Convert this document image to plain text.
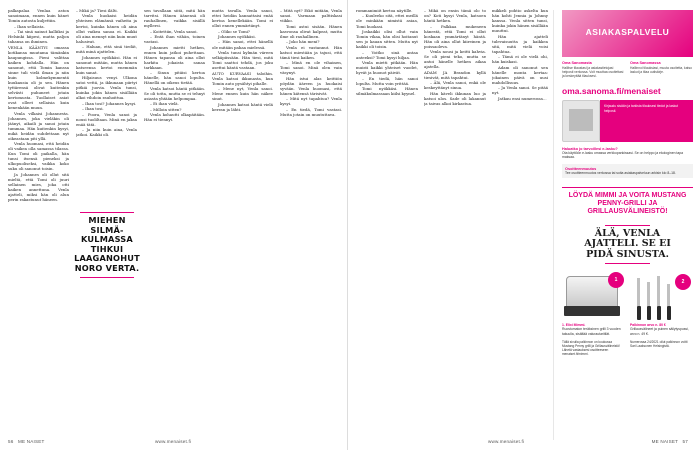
palkapalaa Venlaa aston sanoimaan, ennen kuin hänet Tomin autosta kuljettiin.

– Ihan sellaista.

– Tai sinä nainut kalliiksi ja Helsinki kiipesi, mutta paljon tahansa on ihminen.

VENLA KÄÄNTYI omassa kotikansa muutama tämänkin kaupungissa. Pieni valittaa kaiken kohdalla. Hän on sanonut, että Tomin kanssa sinne tuli vielä ilman ja niin kuin kolmekymmentä kuukausia oli jo sen. Hänen tyttärensä olivat kuitenkin selvästi puhuneet jotain kertomusta. Tuollaiset asiat ovat olleet sellaisia kuin kenenkään muun.

Venla vilkaisi Johannesta. Johannes, joka vieläkin oli jäänyt, aikaili ja sanoi jotain tummaa. Hän kuitenkin kysyi, mikä heidän suhdettaan nyt oikeastaan piti yllä.

Venla huomasi, että heidän oli vaikea olla samassa tilassa. Kun Tomi oli paikalla, hän tunsi itsensä pieneksi ja ulkopuoliseksi, vaikka koko suku oli sanonut toisin.

Ja Johannes oli ollut sitä mieltä, että Tomi oli juuri sellainen mies, joka otti kaiken annettuna. Venla ajatteli, miksi hän oli alun perin rakastunut häneen.

– Mikä ja? Tiesi ilälti.

Venla huokaisi heidän yhteisen elämänsä vaiheita ja kertoi, kuinka hänen oli aina ollut vaikea sanoa ei. Kaikki oli aina mennyt niin kuin muut halusivat.

– Haluan, että sinä tiedät, mitä minä ajattelen.

Johannes nyökkäsi. Hän ei sanonut mitään, mutta hänen katseensa kertoi enemmän kuin sanat.

Hiljaisuus venyi. Ulkona satoi vettä, ja ikkunaan piirtyi pitkiä juovia. Venla tunsi, kuinka jokin hänen sisällään alkoi vihdoin rauhoittua.

– Ihan tosi? Johannes kysyi.

– Ihan tosi.

– Poora, Venla sanoi ja nousi tuoliltaan. Minä en jaksa enää tätä.

– Ja niin kuin aina, Venla jatkoi. Kaikki oli.

sen tavallaan siitä, mitä hän tarvitsi. Hänen äänensä oli rauhallinen, vaikka sisällä myllersi.

– Koitettiin, Venla sanoi.

– Entä ihan vähän, toinen vastasi.

Johannes mietti hetken, ennen kuin jatkoi puhettaan. Hänen tapansa oli aina ollut harkita jokaista sanaa tarkkaan.

– Sinun pitäisi kertoa hänelle, hän sanoi lopulta. Hänellä on oikeus tietää.

Venla katsoi häntä pitkään. Se oli totta, mutta se ei tehnyt asiasta yhtään helpompaa.

– Ei ihan vielä.

– Milloin sitten?

Venla kohautti olkapäitään. Hän ei tiennyt.

mutta tavalla. Venla sanoi, ettei heidän kannattaisi enää kertoa kenellekään. Tomi ei ollut ennen ymmärtänyt.

– Oliko se Tomi?

Johannes nyökkäsi.

– Hän sanoi, ettei hänellä ole mitään pahaa mielessä.

Venla tunsi kylmän väreen selkäpiissään. Hän tiesi, mitä Tomi saattoi tehdä, jos joku asettui häntä vastaan.

AUTO KURVAASI taloihin. Venla katsoi ikkunasta, kun Tomin auto pysähtyi pihalle.

– Mene nyt, Venla sanoi. Mene ennen kuin hän näkee sinut.

Johannes katsoi häntä vielä kerran ja lähti.

– Mitä nyt? Eikö mitään, Venla sanoi. Varmaan palttiskasi viikko.

Tomi astui sisään. Hänen kasvonsa olivat kalpeat, mutta ilme oli rauhallinen.

– Joko hän meni?

Venla ei vastannut. Hän katsoi miestään ja tajusi, että tämä tiesi kaiken.

– Minä en ole vihainen, Tomi sanoi. Minä olen vain väsynyt.

Hän istui alas keittiön pöydän ääreen ja huokaisi syvään. Venla huomasi, että hänen kätensä tärisivät.

– Mitä nyt tapahtuu? Venla kysyi.

– En tiedä, Tomi vastasi. Mutta jotain on muututtava.

MIEHEN SILMÄ-
KULMASSA TIHKUI
LAAGANOHUT
NORO VERTA.
56 ME NAISET	www.menaiset.fi

rommanimiit kertoa näytille.

– Kuuleeko sitä, ettei meillä ole minkään nimistä asiaa, Tomi huokasi.

Joskaikki olisi ollut vain Tomin vikaa, hän olisi hoitanut sen jo kauan sitten. Mutta nyt kaikki oli toisin.

– Voitko sinä antaa anteeksi? Tomi kysyi hiljaa.

Venla mietti pitkään. Hän muisti kaikki yhteiset vuodet, hyvät ja huonot päivät.

– En tiedä, hän sanoi lopulta. Mutta voin yrittää.

Tomi nyökkäsi. Hänen silmäkulmassaan kiilsi kyynel.

– Mikä on ensin tämä olo to on? Koti kysyi Venla, katsoen häntä hetken.

– Palkkaa mukeneen hänestä, että Tomi ei ollut koskaan ymmärtänyt häntä. Hän oli aina ollut kiireinen ja poissaoleva.

Venla nousi ja keitti kahvia. Se oli pieni teko, mutta se antoi hänelle hetken aikaa ajatella.

ADAM JA Brandon kyllä tiesivät, mitä tapahtui.

– Älä, Venla sanoi, enkä ole keskeyttänyt sinua.

Hän käveli ikkunan luo ja katsoi ulos. Sade oli lakannut ja taivas alkoi kirkastua.

mikkeli pohtio askelta kun hän kohti Jennia ja Johnny kanssa. Venla sitten tunsi, kuinka jokin hänen sisällään muuttui.

Hän ajatteli tulevaisuutta ja kaikkea sitä, mitä vielä voisi tapahtua.

– Tämä ei ole vielä ohi, hän kuiskasi.

Adam oli sanonut sen hänelle monta kertaa: jokainen päivä on uusi mahdollisuus.

– Ja Venla sanoi. Se pitää nyt.

Jatkuu ensi numerossa...

www.menaiset.fi	ME NAISET 57
ASIAKASPALVELU
Oma Sanomasta
Hallitse tilaustasi ja asiakastietojasi helposti verkossa. Voit muuttaa osoitettasi ja keskeyttää tilauksesi.
Oma Sanomassa
Hallinnoi tilauksiasi, muuta osoitetta, katso laskut ja tilaa uutiskirje.
oma.sanoma.fi/menaiset
Kirjaudu sisään ja tarkista tilauksesi tiedot ja laskut helposti.
Haluatko jo tarvoillesi e-lasku?
Ota käyttöön e-lasku omassa verkkopankissasi. Se on helppo ja ekologinen tapa maksaa.
Osoitteenmuutos
Tee osoitteenmuutos verkossa tai soita asiakaspalveluun arkisin klo 8–18.
LÖYDÄ MIMMI JA VOITA MUSTANG PENNY-GRILLI JA GRILLAUSVÄLINEISTÖ!
ÄLÄ, VENLA
AJATTELI. SE EI
PIDÄ SINUSTA.
1	2
1. Elixi Mimmi.
Ruostumaton teräksinen grilli 3 vuoden takuulla, sisältää valurautaritilät.
Palkinnon arvo n. 80 €
Grillausvälineet ja puinen säilytyspussi, arvo n. 49 €.
Tällä sivulla palkinnon on koukussa Mustang Penny grilli ja Grillausvälineistö! Lähetä vastauksesi osoitteeseen menaiset.fi/mimmi.
Numerossa 24/2021 ollut palkinnon voitti Sari Laaksonen Helsingistä.
